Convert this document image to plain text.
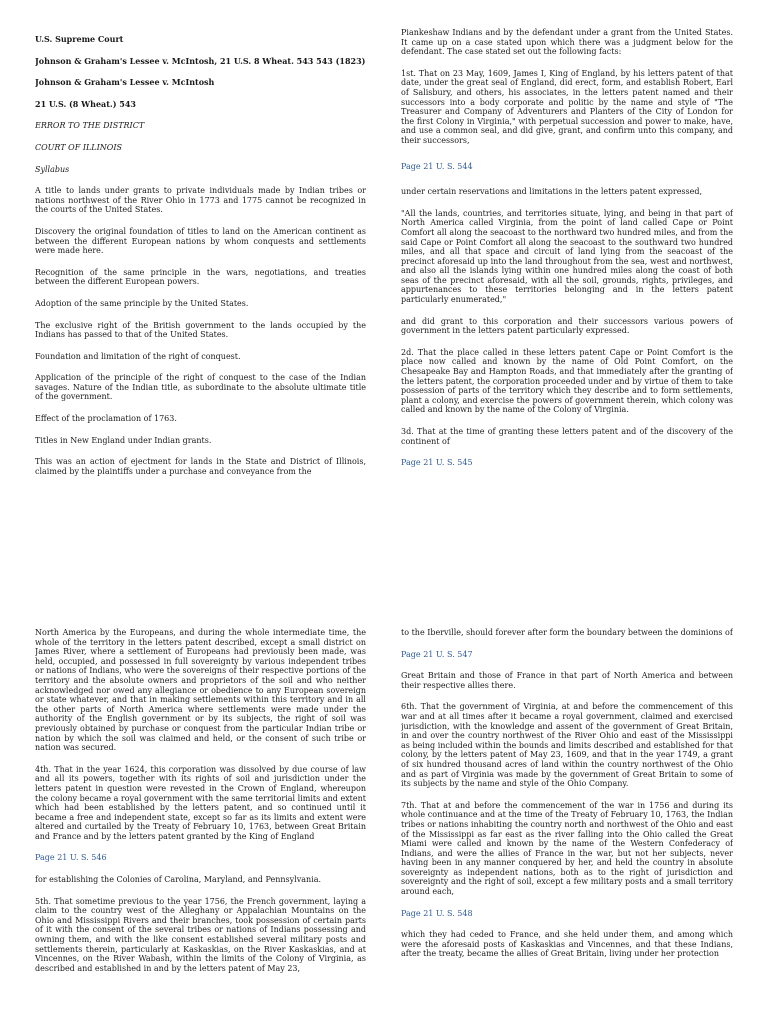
U.S. Supreme Court

Johnson & Graham's Lessee v. McIntosh, 21 U.S. 8 Wheat. 543 543 (1823)

Johnson & Graham's Lessee v. McIntosh

21 U.S. (8 Wheat.) 543

ERROR TO THE DISTRICT

COURT OF ILLINOIS

Syllabus

A title to lands under grants to private individuals made by Indian tribes or nations northwest of the River Ohio in 1773 and 1775 cannot be recognized in the courts of the United States.

Discovery the original foundation of titles to land on the American continent as between the different European nations by whom conquests and settlements were made here.

Recognition of the same principle in the wars, negotiations, and treaties between the different European powers.

Adoption of the same principle by the United States.

The exclusive right of the British government to the lands occupied by the Indians has passed to that of the United States.

Foundation and limitation of the right of conquest.

Application of the principle of the right of conquest to the case of the Indian savages. Nature of the Indian title, as subordinate to the absolute ultimate title of the government.

Effect of the proclamation of 1763.

Titles in New England under Indian grants.

This was an action of ejectment for lands in the State and District of Illinois, claimed by the plaintiffs under a purchase and conveyance from the

Piankeshaw Indians and by the defendant under a grant from the United States. It came up on a case stated upon which there was a judgment below for the defendant. The case stated set out the following facts:

1st. That on 23 May, 1609, James I, King of England, by his letters patent of that date, under the great seal of England, did erect, form, and establish Robert, Earl of Salisbury, and others, his associates, in the letters patent named and their successors into a body corporate and politic by the name and style of "The Treasurer and Company of Adventurers and Planters of the City of London for the first Colony in Virginia," with perpetual succession and power to make, have, and use a common seal, and did give, grant, and confirm unto this company, and their successors,

Page 21 U. S. 544

under certain reservations and limitations in the letters patent expressed,

"All the lands, countries, and territories situate, lying, and being in that part of North America called Virginia, from the point of land called Cape or Point Comfort all along the seacoast to the northward two hundred miles, and from the said Cape or Point Comfort all along the seacoast to the southward two hundred miles, and all that space and circuit of land lying from the seacoast of the precinct aforesaid up into the land throughout from the sea, west and northwest, and also all the islands lying within one hundred miles along the coast of both seas of the precinct aforesaid, with all the soil, grounds, rights, privileges, and appurtenances to these territories belonging and in the letters patent particularly enumerated,"

and did grant to this corporation and their successors various powers of government in the letters patent particularly expressed.

2d. That the place called in these letters patent Cape or Point Comfort is the place now called and known by the name of Old Point Comfort, on the Chesapeake Bay and Hampton Roads, and that immediately after the granting of the letters patent, the corporation proceeded under and by virtue of them to take possession of parts of the territory which they describe and to form settlements, plant a colony, and exercise the powers of government therein, which colony was called and known by the name of the Colony of Virginia.

3d. That at the time of granting these letters patent and of the discovery of the continent of

Page 21 U. S. 545

North America by the Europeans, and during the whole intermediate time, the whole of the territory in the letters patent described, except a small district on James River, where a settlement of Europeans had previously been made, was held, occupied, and possessed in full sovereignty by various independent tribes or nations of Indians, who were the sovereigns of their respective portions of the territory and the absolute owners and proprietors of the soil and who neither acknowledged nor owed any allegiance or obedience to any European sovereign or state whatever, and that in making settlements within this territory and in all the other parts of North America where settlements were made under the authority of the English government or by its subjects, the right of soil was previously obtained by purchase or conquest from the particular Indian tribe or nation by which the soil was claimed and held, or the consent of such tribe or nation was secured.

4th. That in the year 1624, this corporation was dissolved by due course of law and all its powers, together with its rights of soil and jurisdiction under the letters patent in question were revested in the Crown of England, whereupon the colony became a royal government with the same territorial limits and extent which had been established by the letters patent, and so continued until it became a free and independent state, except so far as its limits and extent were altered and curtailed by the Treaty of February 10, 1763, between Great Britain and France and by the letters patent granted by the King of England

Page 21 U. S. 546

for establishing the Colonies of Carolina, Maryland, and Pennsylvania.

5th. That sometime previous to the year 1756, the French government, laying a claim to the country west of the Alleghany or Appalachian Mountains on the Ohio and Mississippi Rivers and their branches, took possession of certain parts of it with the consent of the several tribes or nations of Indians possessing and owning them, and with the like consent established several military posts and settlements therein, particularly at Kaskaskias, on the River Kaskaskias, and at Vincennes, on the River Wabash, within the limits of the Colony of Virginia, as described and established in and by the letters patent of May 23,

to the Iberville, should forever after form the boundary between the dominions of

Page 21 U. S. 547

Great Britain and those of France in that part of North America and between their respective allies there.

6th. That the government of Virginia, at and before the commencement of this war and at all times after it became a royal government, claimed and exercised jurisdiction, with the knowledge and assent of the government of Great Britain, in and over the country northwest of the River Ohio and east of the Mississippi as being included within the bounds and limits described and established for that colony, by the letters patent of May 23, 1609, and that in the year 1749, a grant of six hundred thousand acres of land within the country northwest of the Ohio and as part of Virginia was made by the government of Great Britain to some of its subjects by the name and style of the Ohio Company.

7th. That at and before the commencement of the war in 1756 and during its whole continuance and at the time of the Treaty of February 10, 1763, the Indian tribes or nations inhabiting the country north and northwest of the Ohio and east of the Mississippi as far east as the river falling into the Ohio called the Great Miami were called and known by the name of the Western Confederacy of Indians, and were the allies of France in the war, but not her subjects, never having been in any manner conquered by her, and held the country in absolute sovereignty as independent nations, both as to the right of jurisdiction and sovereignty and the right of soil, except a few military posts and a small territory around each,

Page 21 U. S. 548

which they had ceded to France, and she held under them, and among which were the aforesaid posts of Kaskaskias and Vincennes, and that these Indians, after the treaty, became the allies of Great Britain, living under her protection
